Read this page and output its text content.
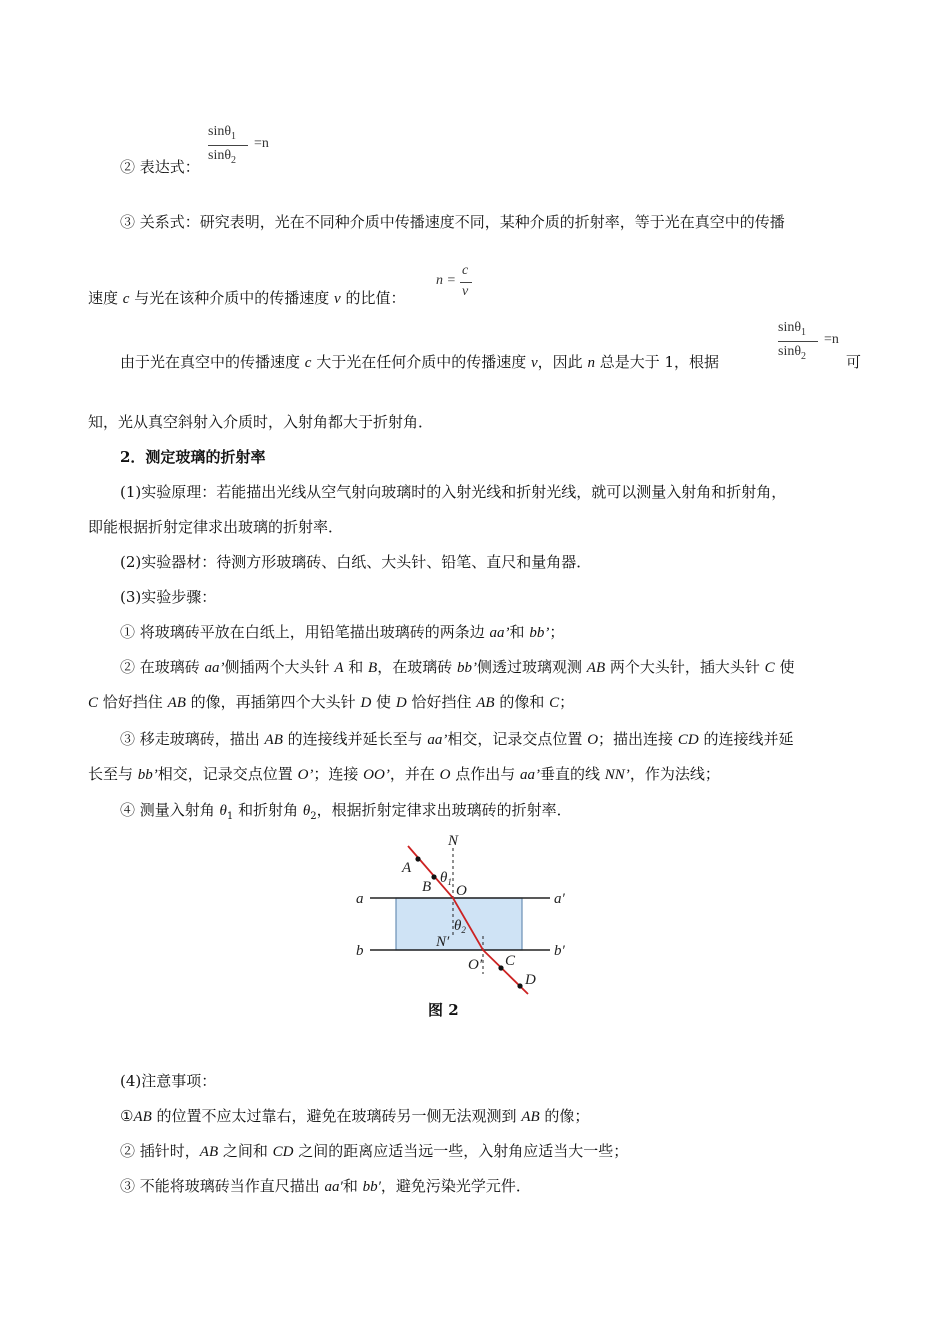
② 表达式：
sinθ$_1$
sinθ$_2$
=n
③ 关系式：研究表明，光在不同种介质中传播速度不同，某种介质的折射率，等于光在真空中的传播
速度 c 与光在该种介质中的传播速度 v 的比值：
n =
c
v
由于光在真空中的传播速度 c 大于光在任何介质中的传播速度 v，因此 n 总是大于 1，根据
sinθ$_1$
sinθ$_2$
=n
可
知，光从真空斜射入介质时，入射角都大于折射角．
2．测定玻璃的折射率
(1)实验原理：若能描出光线从空气射向玻璃时的入射光线和折射光线，就可以测量入射角和折射角，
即能根据折射定律求出玻璃的折射率．
(2)实验器材：待测方形玻璃砖、白纸、大头针、铅笔、直尺和量角器．
(3)实验步骤：
① 将玻璃砖平放在白纸上，用铅笔描出玻璃砖的两条边 aa’和 bb’；
② 在玻璃砖 aa’侧插两个大头针 A 和 B，在玻璃砖 bb’侧透过玻璃观测 AB 两个大头针，插大头针 C 使
C 恰好挡住 AB 的像，再插第四个大头针 D 使 D 恰好挡住 AB 的像和 C；
③ 移走玻璃砖，描出 AB 的连接线并延长至与 aa’相交，记录交点位置 O；描出连接 CD 的连接线并延
长至与 bb’相交，记录交点位置 O’；连接 OO’，并在 O 点作出与 aa’垂直的线 NN’，作为法线；
④ 测量入射角 $\theta_1$ 和折射角 $\theta_2$，根据折射定律求出玻璃砖的折射率．
N
A
B
$\theta_1$
O
a	a′
$\theta_2$
N′
b	b′
O′ C
D
图 2
(4)注意事项：
①AB 的位置不应太过靠右，避免在玻璃砖另一侧无法观测到 AB 的像；
② 插针时，AB 之间和 CD 之间的距离应适当远一些，入射角应适当大一些；
③ 不能将玻璃砖当作直尺描出 aa′和 bb′，避免污染光学元件．
